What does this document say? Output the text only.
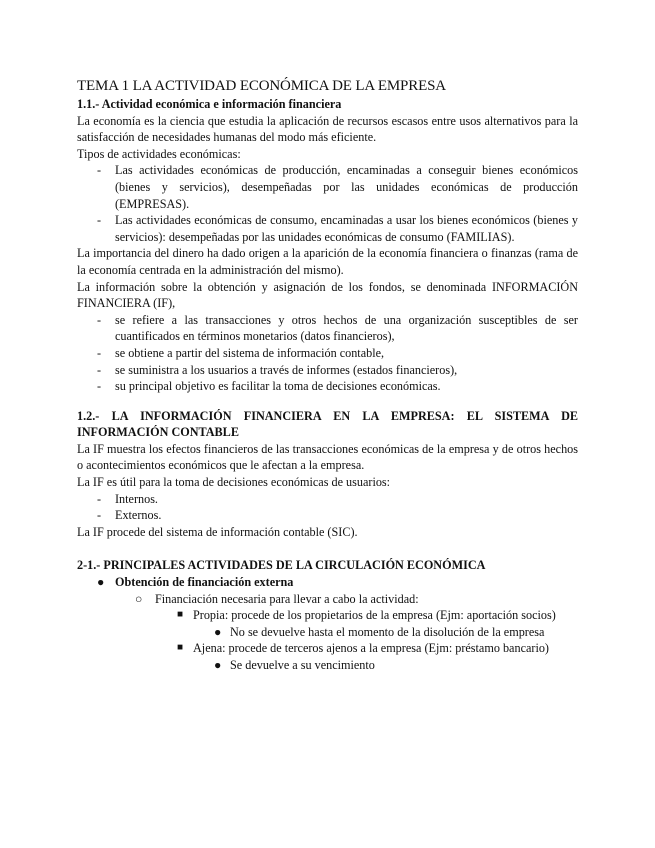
TEMA 1 LA ACTIVIDAD ECONÓMICA DE LA EMPRESA
1.1.- Actividad económica e información financiera

La economía es la ciencia que estudia la aplicación de recursos escasos entre usos alternativos para la satisfacción de necesidades humanas del modo más eficiente.

Tipos de actividades económicas:

- Las actividades económicas de producción, encaminadas a conseguir bienes económicos (bienes y servicios), desempeñadas por las unidades económicas de producción (EMPRESAS).
- Las actividades económicas de consumo, encaminadas a usar los bienes económicos (bienes y servicios): desempeñadas por las unidades económicas de consumo (FAMILIAS).

La importancia del dinero ha dado origen a la aparición de la economía financiera o finanzas (rama de la economía centrada en la administración del mismo).

La información sobre la obtención y asignación de los fondos, se denominada INFORMACIÓN FINANCIERA (IF),

- se refiere a las transacciones y otros hechos de una organización susceptibles de ser cuantificados en términos monetarios (datos financieros),
- se obtiene a partir del sistema de información contable,
- se suministra a los usuarios a través de informes (estados financieros),
- su principal objetivo es facilitar la toma de decisiones económicas.
1.2.- LA INFORMACIÓN FINANCIERA EN LA EMPRESA: EL SISTEMA DE INFORMACIÓN CONTABLE

La IF muestra los efectos financieros de las transacciones económicas de la empresa y de otros hechos o acontecimientos económicos que le afectan a la empresa.

La IF es útil para la toma de decisiones económicas de usuarios:

- Internos.
- Externos.

La IF procede del sistema de información contable (SIC).

2-1.- PRINCIPALES ACTIVIDADES DE LA CIRCULACIÓN ECONÓMICA
● Obtención de financiación externa
○ Financiación necesaria para llevar a cabo la actividad:
■ Propia: procede de los propietarios de la empresa (Ejm: aportación socios)
● No se devuelve hasta el momento de la disolución de la empresa
■ Ajena: procede de terceros ajenos a la empresa (Ejm: préstamo bancario)
● Se devuelve a su vencimiento
